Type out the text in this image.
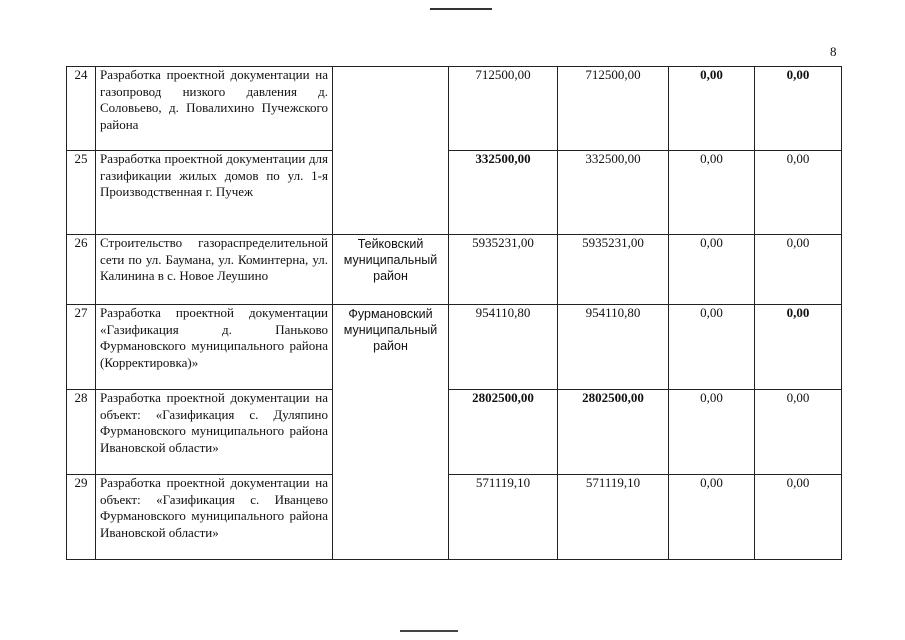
8
24	Разработка проектной документации на газопровод низкого давления д. Соловьево, д. Повалихино Пучежского района		712500,00	712500,00	0,00	0,00
25	Разработка проектной документации для газификации жилых домов по ул. 1-я Производственная г. Пучеж		332500,00	332500,00	0,00	0,00
26	Строительство газораспределительной сети по ул. Баумана, ул. Коминтерна, ул. Калинина в с. Новое Леушино	Тейковский муниципальный район	5935231,00	5935231,00	0,00	0,00
27	Разработка проектной документации «Газификация д. Паньково Фурмановского муниципального района (Корректировка)»	Фурмановский муниципальный район	954110,80	954110,80	0,00	0,00
28	Разработка проектной документации на объект: «Газификация с. Дуляпино Фурмановского муниципального района Ивановской области»		2802500,00	2802500,00	0,00	0,00
29	Разработка проектной документации на объект: «Газификация с. Иванцево Фурмановского муниципального района Ивановской области»		571119,10	571119,10	0,00	0,00
